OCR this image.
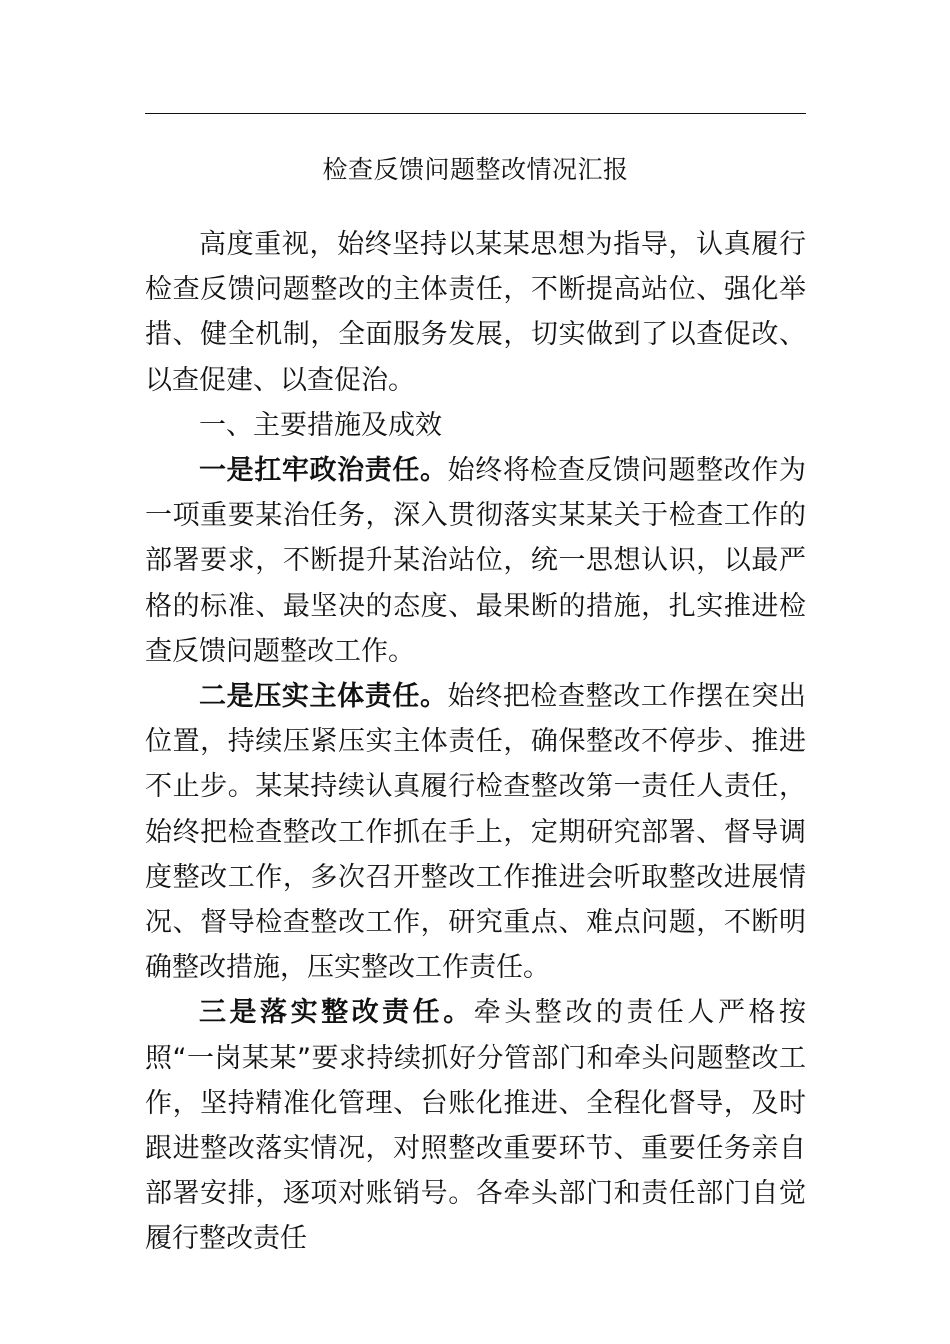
检查反馈问题整改情况汇报

高度重视，始终坚持以某某思想为指导，认真履行检查反馈问题整改的主体责任，不断提高站位、强化举措、健全机制，全面服务发展，切实做到了以查促改、以查促建、以查促治。

一、主要措施及成效

一是扛牢政治责任。始终将检查反馈问题整改作为一项重要某治任务，深入贯彻落实某某关于检查工作的部署要求，不断提升某治站位，统一思想认识，以最严格的标准、最坚决的态度、最果断的措施，扎实推进检查反馈问题整改工作。

二是压实主体责任。始终把检查整改工作摆在突出位置，持续压紧压实主体责任，确保整改不停步、推进不止步。某某持续认真履行检查整改第一责任人责任，始终把检查整改工作抓在手上，定期研究部署、督导调度整改工作，多次召开整改工作推进会听取整改进展情况、督导检查整改工作，研究重点、难点问题，不断明确整改措施，压实整改工作责任。

三是落实整改责任。牵头整改的责任人严格按照“一岗某某”要求持续抓好分管部门和牵头问题整改工作，坚持精准化管理、台账化推进、全程化督导，及时跟进整改落实情况，对照整改重要环节、重要任务亲自部署安排，逐项对账销号。各牵头部门和责任部门自觉履行整改责任
